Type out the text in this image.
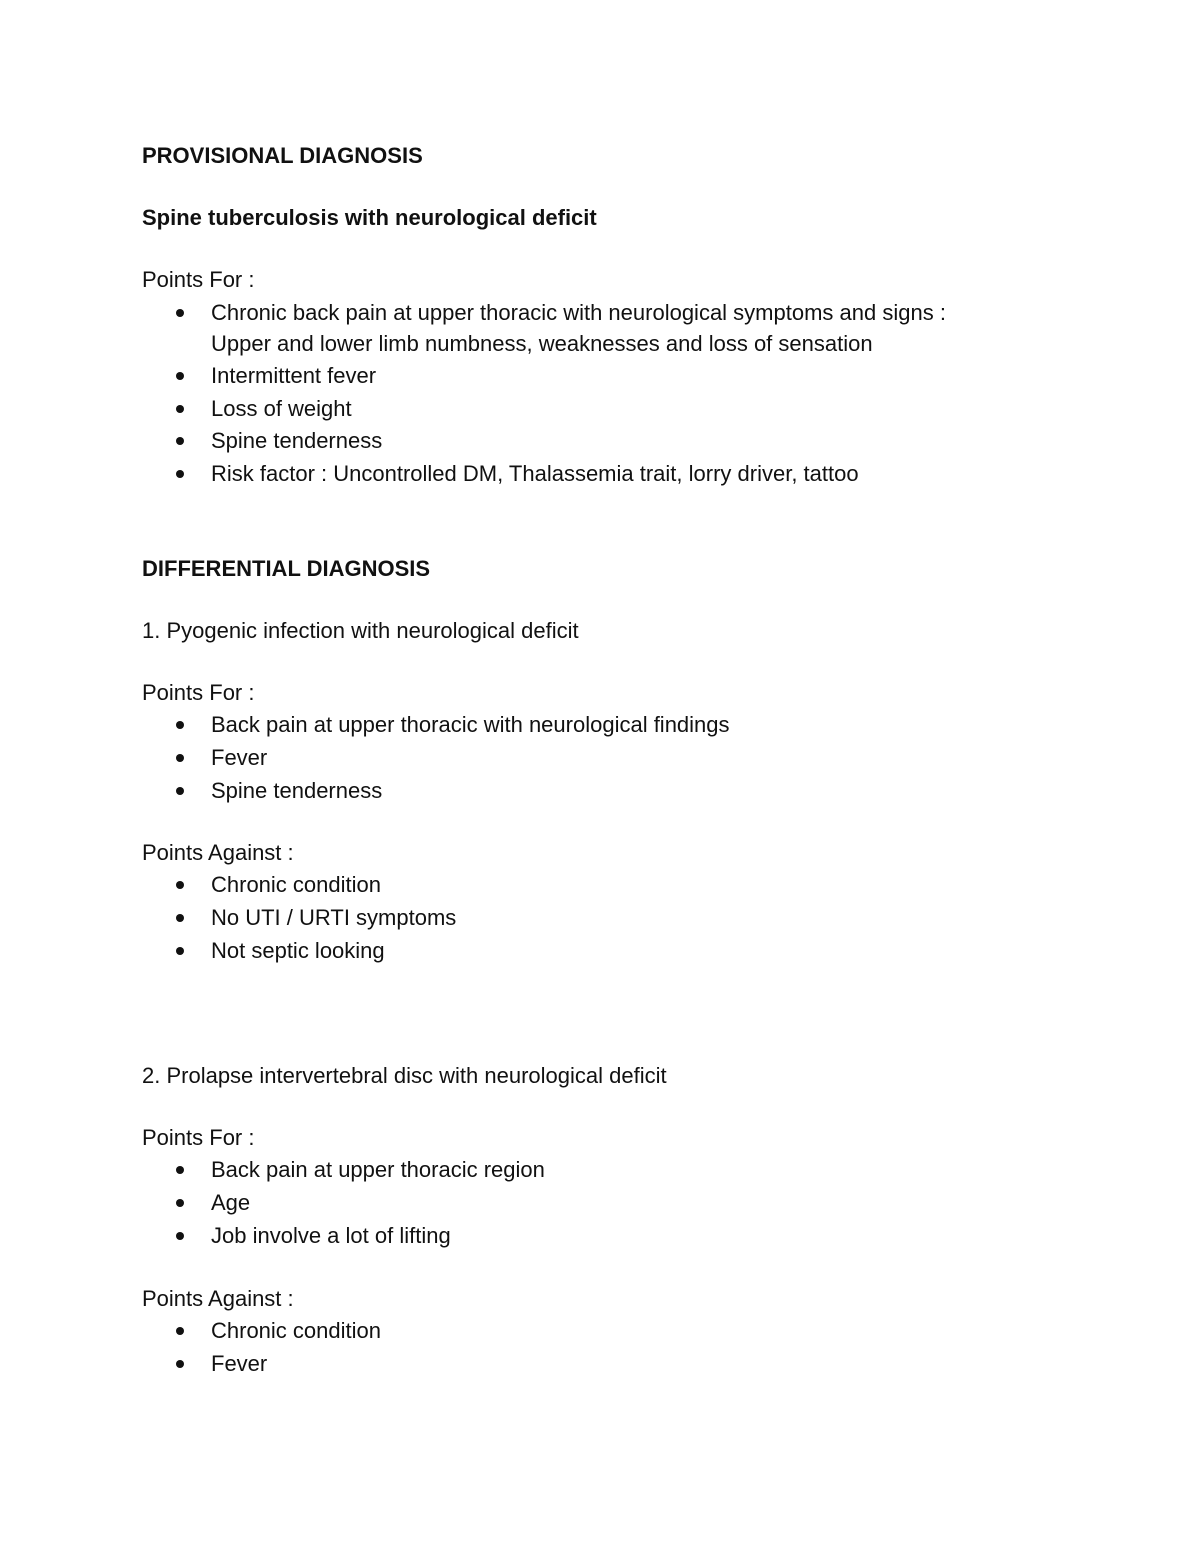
PROVISIONAL DIAGNOSIS
Spine tuberculosis with neurological deficit
Points For :
Chronic back pain at upper thoracic with neurological symptoms and signs :
Upper and lower limb numbness, weaknesses and loss of sensation
Intermittent fever
Loss of weight
Spine tenderness
Risk factor : Uncontrolled DM, Thalassemia trait, lorry driver, tattoo
DIFFERENTIAL DIAGNOSIS
1. Pyogenic infection with neurological deficit
Points For :
Back pain at upper thoracic with neurological findings
Fever
Spine tenderness
Points Against :
Chronic condition
No UTI / URTI symptoms
Not septic looking
2. Prolapse intervertebral disc with neurological deficit
Points For :
Back pain at upper thoracic region
Age
Job involve a lot of lifting
Points Against :
Chronic condition
Fever
